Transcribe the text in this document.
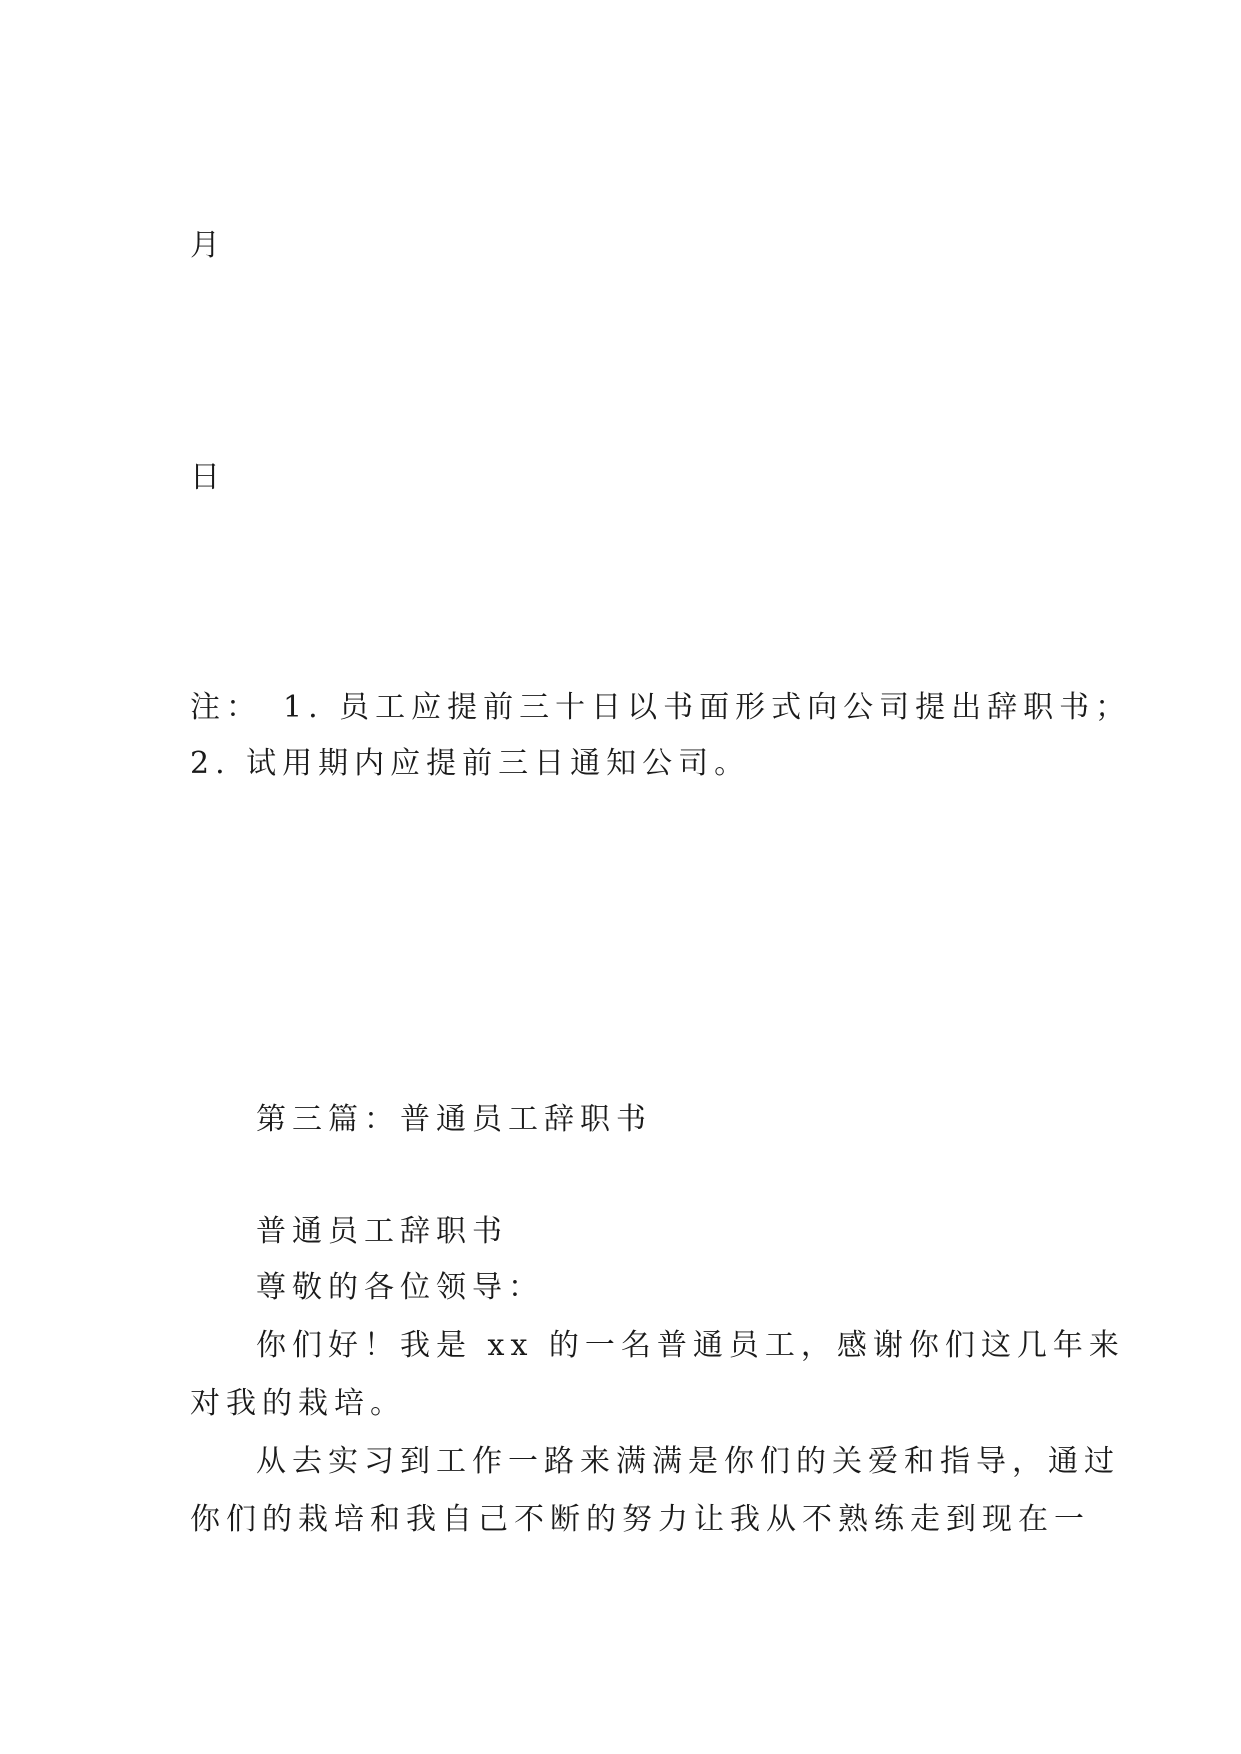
月
日
注：　1. 员工应提前三十日以书面形式向公司提出辞职书；
2. 试用期内应提前三日通知公司。
第三篇：普通员工辞职书
普通员工辞职书
尊敬的各位领导：
你们好！我是 xx 的一名普通员工，感谢你们这几年来
对我的栽培。
从去实习到工作一路来满满是你们的关爱和指导，通过
你们的栽培和我自己不断的努力让我从不熟练走到现在一
